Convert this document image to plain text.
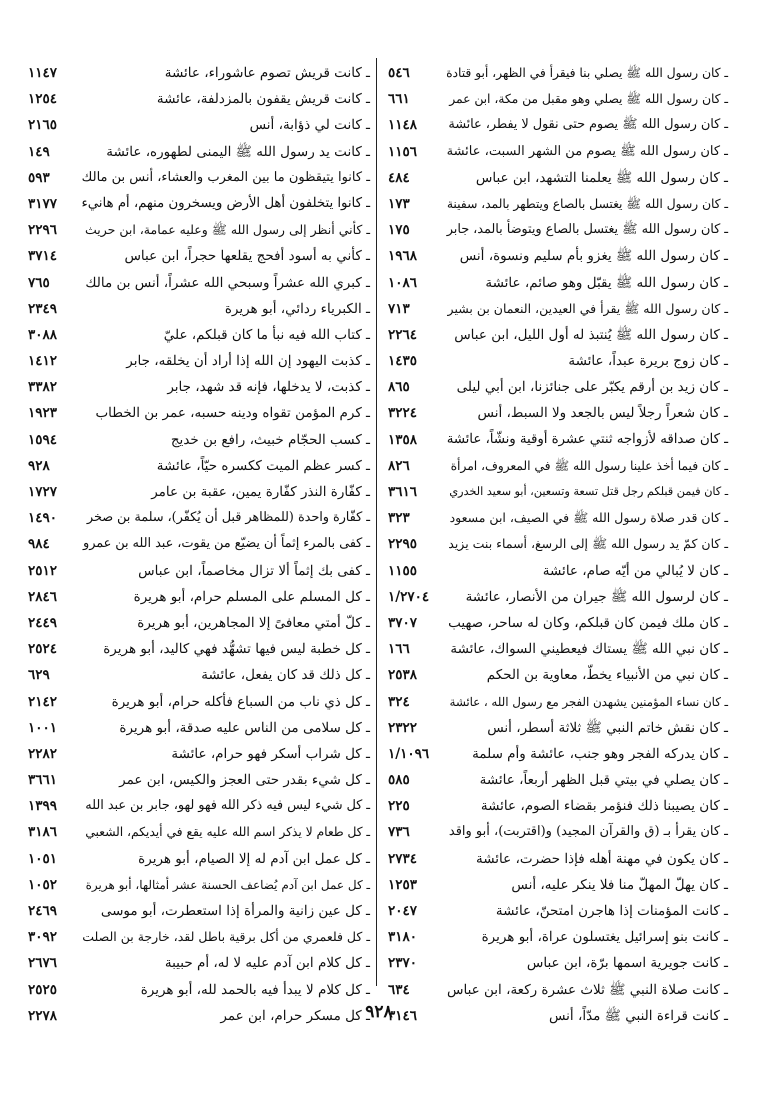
ـ كان رسول الله ﷺ يصلي بنا فيقرأ في الظهر، أبو قتادة
٥٤٦
ـ كان رسول الله ﷺ يصلي وهو مقبل من مكة، ابن عمر
٦٦١
ـ كان رسول الله ﷺ يصوم حتى نقول لا يفطر، عائشة
١١٤٨
ـ كان رسول الله ﷺ يصوم من الشهر السبت، عائشة
١١٥٦
ـ كان رسول الله ﷺ يعلمنا التشهد، ابن عباس
٤٨٤
ـ كان رسول الله ﷺ يغتسل بالصاع ويتطهر بالمد، سفينة
١٧٣
ـ كان رسول الله ﷺ يغتسل بالصاع ويتوضأ بالمد، جابر
١٧٥
ـ كان رسول الله ﷺ يغزو بأم سليم ونسوة، أنس
١٩٦٨
ـ كان رسول الله ﷺ يقبّل وهو صائم، عائشة
١٠٨٦
ـ كان رسول الله ﷺ يقرأ في العيدين، النعمان بن بشير
٧١٣
ـ كان رسول الله ﷺ يُنتبذ له أول الليل، ابن عباس
٢٢٦٤
ـ كان زوج بريرة عبداً، عائشة
١٤٣٥
ـ كان زيد بن أرقم يكبّر على جنائزنا، ابن أبي ليلى
٨٦٥
ـ كان شعراً رجلاً ليس بالجعد ولا السبط، أنس
٣٢٢٤
ـ كان صداقه لأزواجه ثنتي عشرة أوقية ونشّاً، عائشة
١٣٥٨
ـ كان فيما أخذ علينا رسول الله ﷺ في المعروف، امرأة
٨٢٦
ـ كان فيمن قبلكم رجل قتل تسعة وتسعين، أبو سعيد الخدري
٣٦١٦
ـ كان قدر صلاة رسول الله ﷺ في الصيف، ابن مسعود
٣٢٣
ـ كان كمّ يد رسول الله ﷺ إلى الرسغ، أسماء بنت يزيد
٢٢٩٥
ـ كان لا يُبالي من أيّه صام، عائشة
١١٥٥
ـ كان لرسول الله ﷺ جيران من الأنصار، عائشة
١/٢٧٠٤
ـ كان ملك فيمن كان قبلكم، وكان له ساحر، صهيب
٣٧٠٧
ـ كان نبي الله ﷺ يستاك فيعطيني السواك، عائشة
١٦٦
ـ كان نبي من الأنبياء يخطّ، معاوية بن الحكم
٢٥٣٨
ـ كان نساء المؤمنين يشهدن الفجر مع رسول الله ، عائشة
٣٢٤
ـ كان نقش خاتم النبي ﷺ ثلاثة أسطر، أنس
٢٣٢٢
ـ كان يدركه الفجر وهو جنب، عائشة وأم سلمة
١/١٠٩٦
ـ كان يصلي في بيتي قبل الظهر أربعاً، عائشة
٥٨٥
ـ كان يصيبنا ذلك فنؤمر بقضاء الصوم، عائشة
٢٢٥
ـ كان يقرأ بـ (ق والقرآن المجيد) و(اقتربت)، أبو واقد
٧٣٦
ـ كان يكون في مهنة أهله فإذا حضرت، عائشة
٢٧٣٤
ـ كان يهلّ المهلّ منا فلا ينكر عليه، أنس
١٢٥٣
ـ كانت المؤمنات إذا هاجرن امتحنّ، عائشة
٢٠٤٧
ـ كانت بنو إسرائيل يغتسلون عراة، أبو هريرة
٣١٨٠
ـ كانت جويرية اسمها برّة، ابن عباس
٢٣٧٠
ـ كانت صلاة النبي ﷺ ثلاث عشرة ركعة، ابن عباس
٦٣٤
ـ كانت قراءة النبي ﷺ مدّاً، أنس
٣١٤٦
ـ كانت قريش تصوم عاشوراء، عائشة
١١٤٧
ـ كانت قريش يقفون بالمزدلفة، عائشة
١٢٥٤
ـ كانت لي ذؤابة، أنس
٢١٦٥
ـ كانت يد رسول الله ﷺ اليمنى لطهوره، عائشة
١٤٩
ـ كانوا يتيقظون ما بين المغرب والعشاء، أنس بن مالك
٥٩٣
ـ كانوا يتخلفون أهل الأرض ويسخرون منهم، أم هانيء
٣١٧٧
ـ كأني أنظر إلى رسول الله ﷺ وعليه عمامة، ابن حريث
٢٢٩٦
ـ كأني به أسود أفحج يقلعها حجراً، ابن عباس
٣٧١٤
ـ كبري الله عشراً وسبحي الله عشراً، أنس بن مالك
٧٦٥
ـ الكبرياء ردائي، أبو هريرة
٢٣٤٩
ـ كتاب الله فيه نبأ ما كان قبلكم، عليّ
٣٠٨٨
ـ كذبت اليهود إن الله إذا أراد أن يخلقه، جابر
١٤١٢
ـ كذبت، لا يدخلها، فإنه قد شهد، جابر
٣٣٨٢
ـ كرم المؤمن تقواه ودينه حسبه، عمر بن الخطاب
١٩٢٣
ـ كسب الحجّام خبيث، رافع بن خديج
١٥٩٤
ـ كسر عظم الميت ككسره حيّاً، عائشة
٩٢٨
ـ كفّارة النذر كفّارة يمين، عقبة بن عامر
١٧٢٧
ـ كفّارة واحدة (للمظاهر قبل أن يُكفّر)، سلمة بن صخر
١٤٩٠
ـ كفى بالمرء إثماً أن يضيّع من يقوت، عبد الله بن عمرو
٩٨٤
ـ كفى بك إثماً ألا تزال مخاصماً، ابن عباس
٢٥١٢
ـ كل المسلم على المسلم حرام، أبو هريرة
٢٨٤٦
ـ كلّ أمتي معافىً إلا المجاهرين، أبو هريرة
٢٤٤٩
ـ كل خطبة ليس فيها تشهُّد فهي كاليد، أبو هريرة
٢٥٢٤
ـ كل ذلك قد كان يفعل، عائشة
٦٢٩
ـ كل ذي ناب من السباع فأكله حرام، أبو هريرة
٢١٤٢
ـ كل سلامى من الناس عليه صدقة، أبو هريرة
١٠٠١
ـ كل شراب أسكر فهو حرام، عائشة
٢٢٨٢
ـ كل شيء بقدر حتى العجز والكيس، ابن عمر
٣٦٦١
ـ كل شيء ليس فيه ذكر الله فهو لهو، جابر بن عبد الله
١٣٩٩
ـ كل طعام لا يذكر اسم الله عليه يقع في أيديكم، الشعبي
٣١٨٦
ـ كل عمل ابن آدم له إلا الصيام، أبو هريرة
١٠٥١
ـ كل عمل ابن آدم يُضاعف الحسنة عشر أمثالها، أبو هريرة
١٠٥٢
ـ كل عين زانية والمرأة إذا استعطرت، أبو موسى
٢٤٦٩
ـ كل فلعمري من أكل برقية باطل لقد، خارجة بن الصلت
٣٠٩٢
ـ كل كلام ابن آدم عليه لا له، أم حبيبة
٢٦٧٦
ـ كل كلام لا يبدأ فيه بالحمد لله، أبو هريرة
٢٥٢٥
ـ كل مسكر حرام، ابن عمر
٢٢٧٨	٩٢٨
